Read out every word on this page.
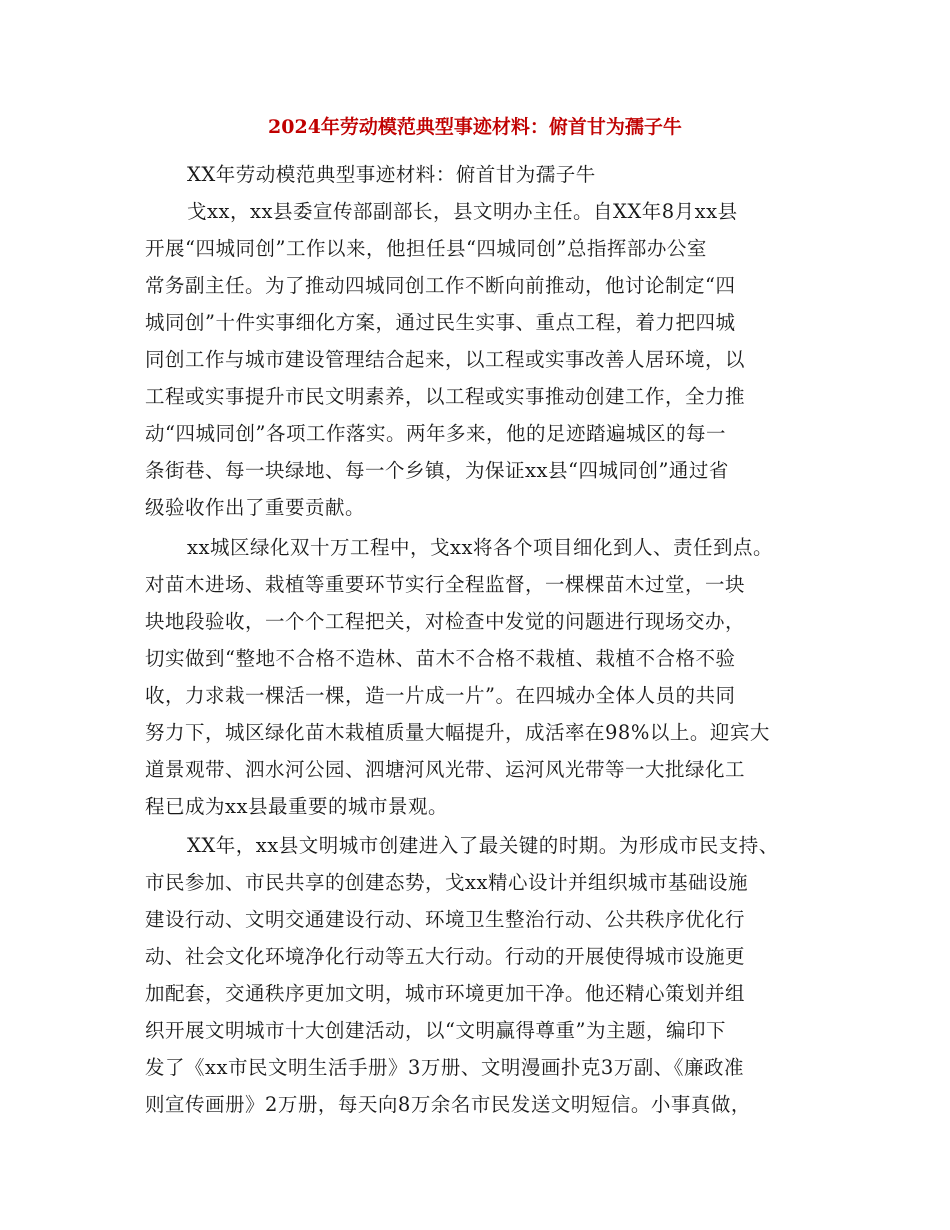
2024年劳动模范典型事迹材料：俯首甘为孺子牛

XX年劳动模范典型事迹材料：俯首甘为孺子牛

戈xx，xx县委宣传部副部长，县文明办主任。自XX年8月xx县

开展“四城同创”工作以来，他担任县“四城同创”总指挥部办公室

常务副主任。为了推动四城同创工作不断向前推动，他讨论制定“四

城同创”十件实事细化方案，通过民生实事、重点工程，着力把四城

同创工作与城市建设管理结合起来，以工程或实事改善人居环境，以

工程或实事提升市民文明素养，以工程或实事推动创建工作，全力推

动“四城同创”各项工作落实。两年多来，他的足迹踏遍城区的每一

条街巷、每一块绿地、每一个乡镇，为保证xx县“四城同创”通过省

级验收作出了重要贡献。

xx城区绿化双十万工程中，戈xx将各个项目细化到人、责任到点。

对苗木进场、栽植等重要环节实行全程监督，一棵棵苗木过堂，一块

块地段验收，一个个工程把关，对检查中发觉的问题进行现场交办，

切实做到“整地不合格不造林、苗木不合格不栽植、栽植不合格不验

收，力求栽一棵活一棵，造一片成一片”。在四城办全体人员的共同

努力下，城区绿化苗木栽植质量大幅提升，成活率在98%以上。迎宾大

道景观带、泗水河公园、泗塘河风光带、运河风光带等一大批绿化工

程已成为xx县最重要的城市景观。

XX年，xx县文明城市创建进入了最关键的时期。为形成市民支持、

市民参加、市民共享的创建态势，戈xx精心设计并组织城市基础设施

建设行动、文明交通建设行动、环境卫生整治行动、公共秩序优化行

动、社会文化环境净化行动等五大行动。行动的开展使得城市设施更

加配套，交通秩序更加文明，城市环境更加干净。他还精心策划并组

织开展文明城市十大创建活动，以“文明赢得尊重”为主题，编印下

发了《xx市民文明生活手册》3万册、文明漫画扑克3万副、《廉政准

则宣传画册》2万册，每天向8万余名市民发送文明短信。小事真做，
